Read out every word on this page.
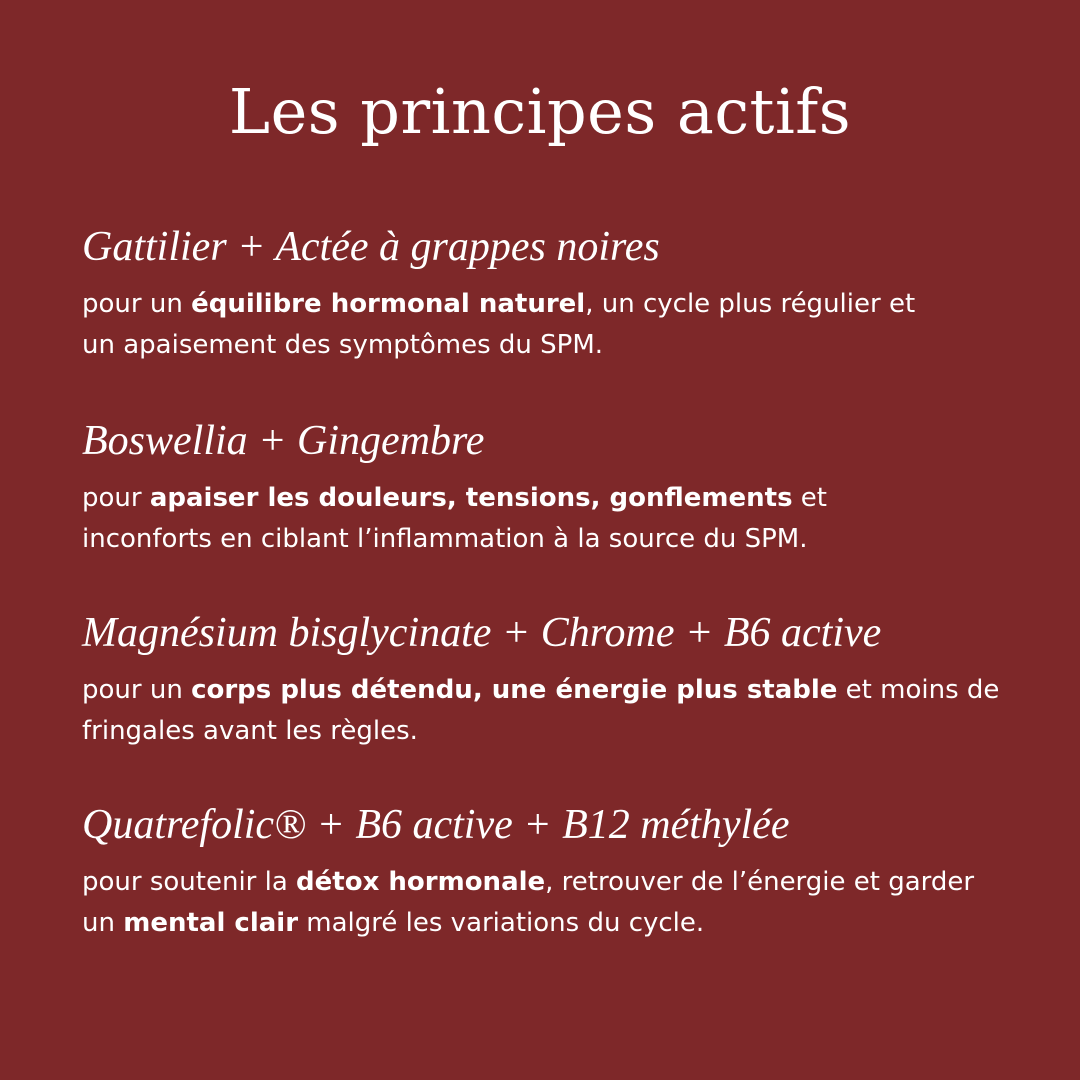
Les principes actifs
Gattilier + Actée à grappes noires

pour un équilibre hormonal naturel, un cycle plus régulier et
un apaisement des symptômes du SPM.

Boswellia + Gingembre

pour apaiser les douleurs, tensions, gonflements et
inconforts en ciblant l’inflammation à la source du SPM.

Magnésium bisglycinate + Chrome + B6 active

pour un corps plus détendu, une énergie plus stable et moins de
fringales avant les règles.

Quatrefolic® + B6 active + B12 méthylée

pour soutenir la détox hormonale, retrouver de l’énergie et garder
un mental clair malgré les variations du cycle.
